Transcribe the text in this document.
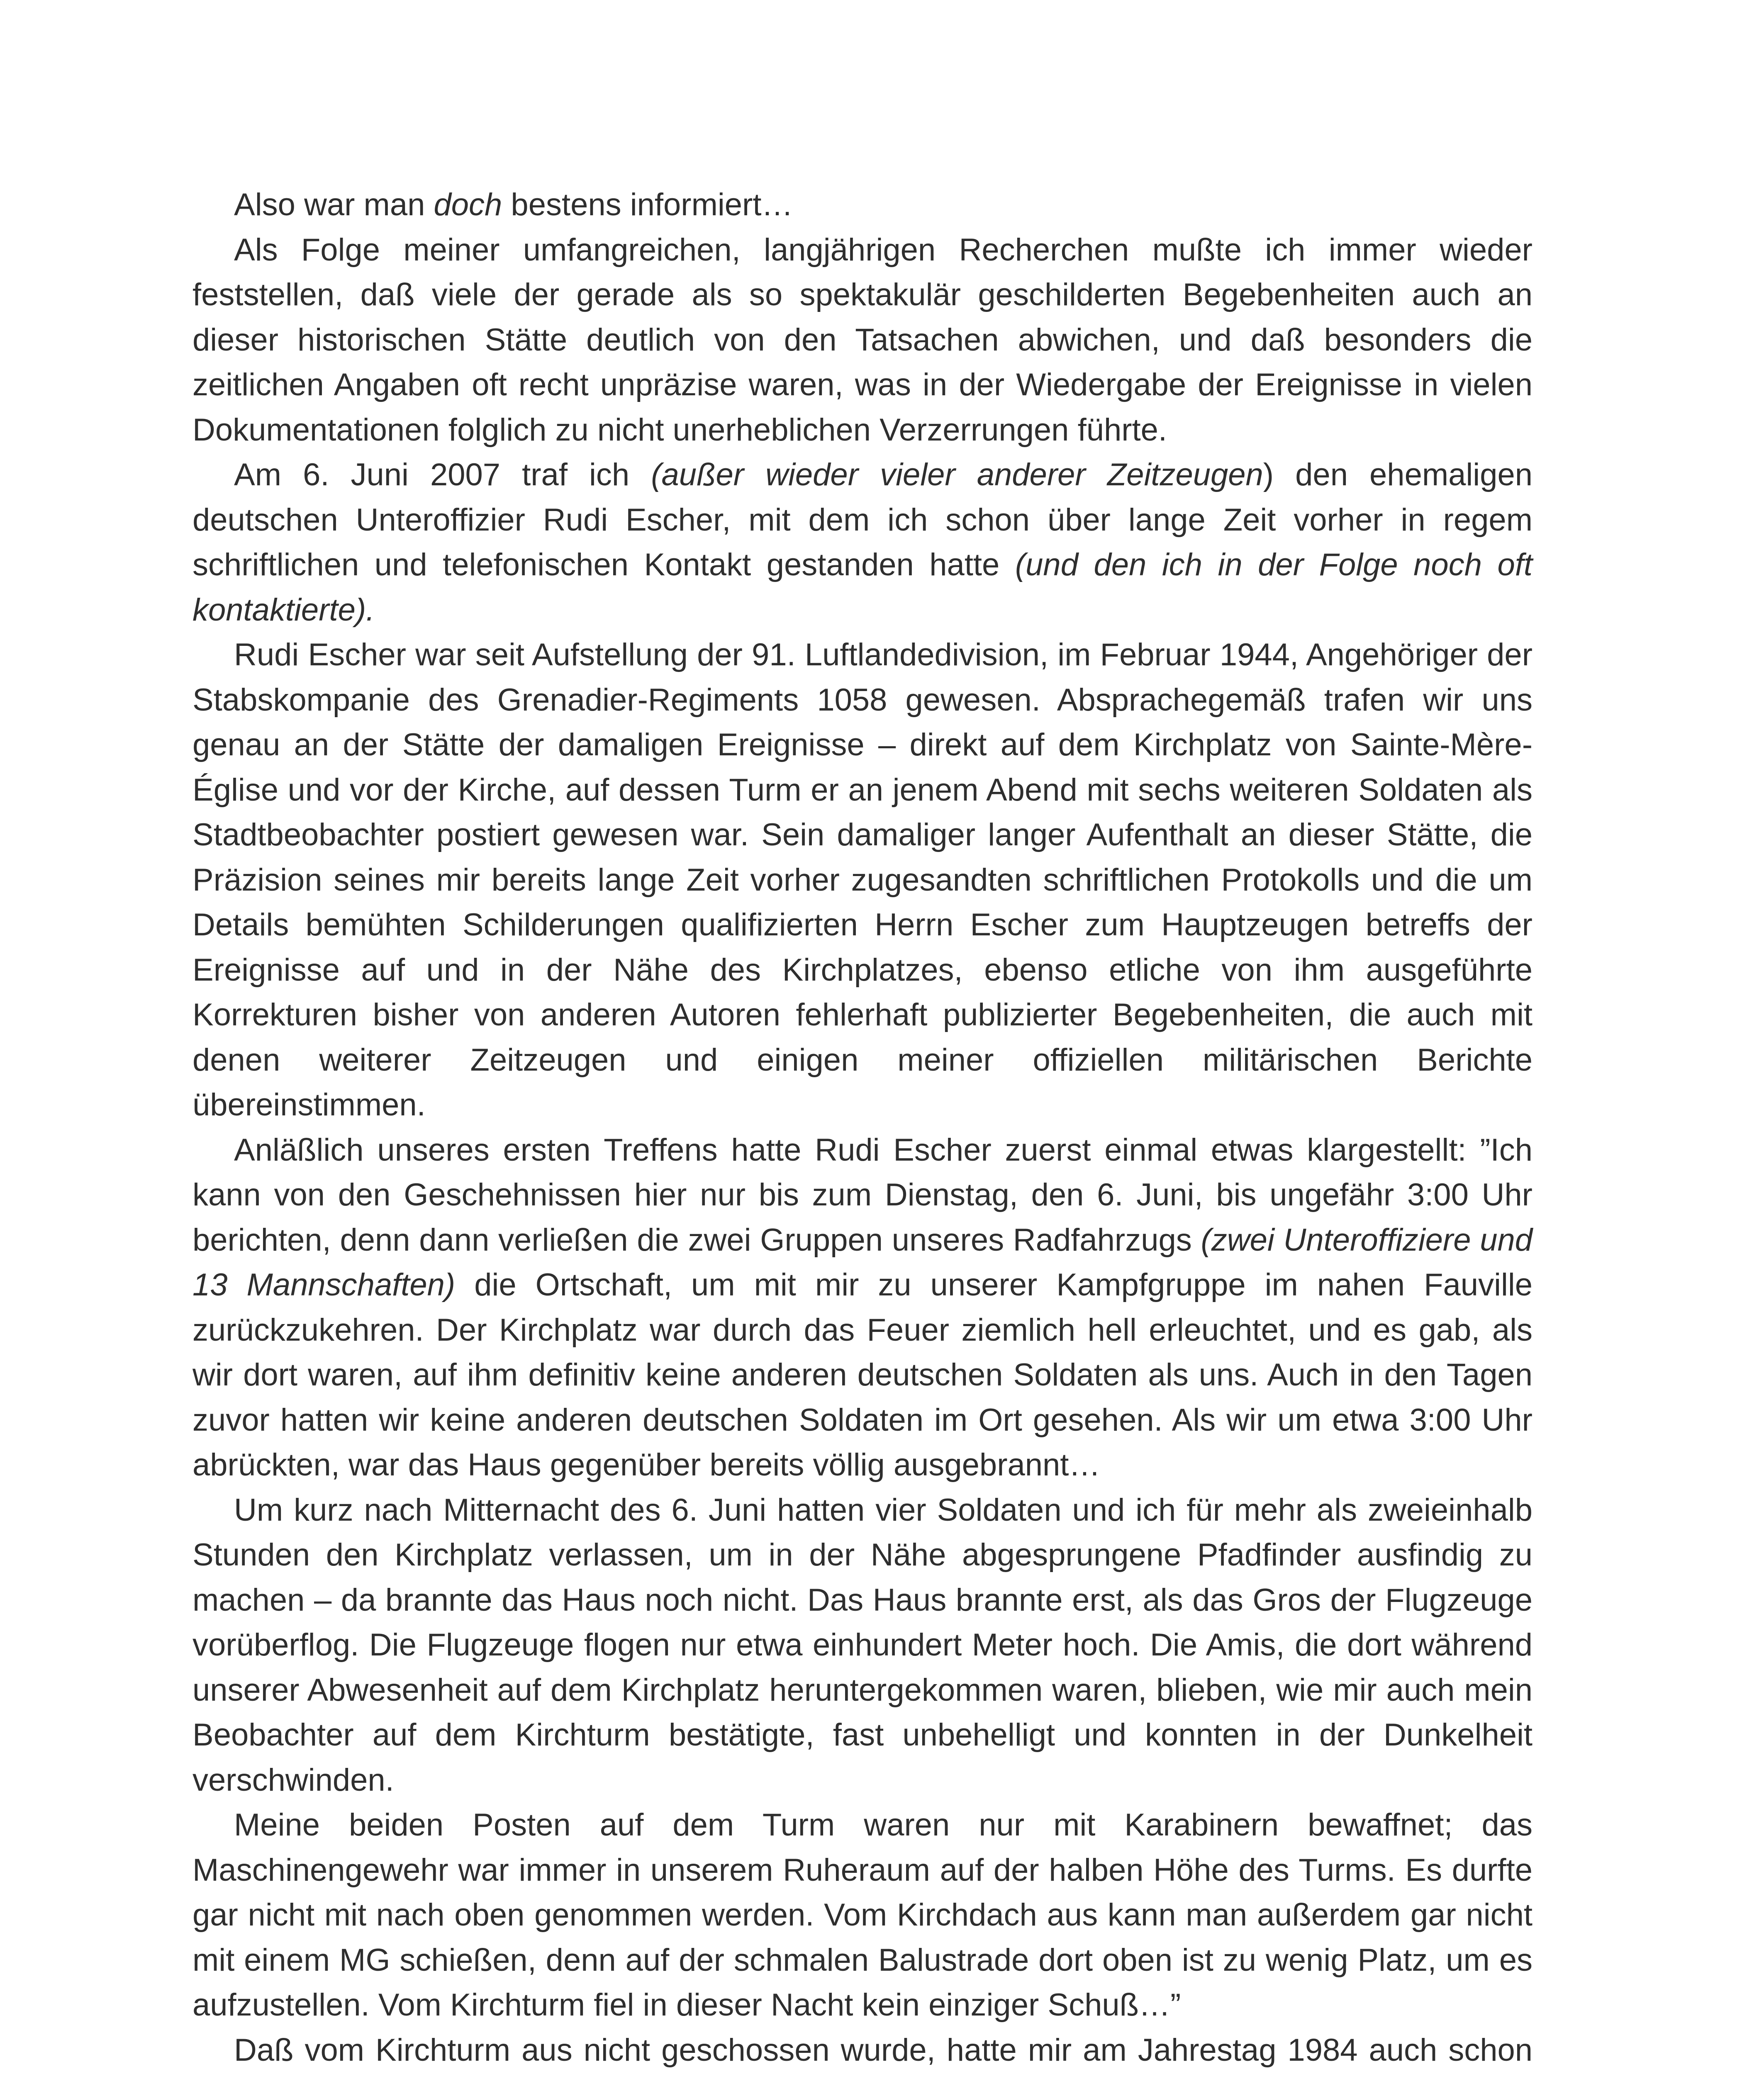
Also war man doch bestens informiert…

Als Folge meiner umfangreichen, langjährigen Recherchen mußte ich immer wieder feststellen, daß viele der gerade als so spektakulär geschilderten Begebenheiten auch an dieser historischen Stätte deutlich von den Tatsachen abwichen, und daß besonders die zeitlichen Angaben oft recht unpräzise waren, was in der Wiedergabe der Ereignisse in vielen Dokumentationen folglich zu nicht unerheblichen Verzerrungen führte.

Am 6. Juni 2007 traf ich (außer wieder vieler anderer Zeitzeugen) den ehemaligen deutschen Unteroffizier Rudi Escher, mit dem ich schon über lange Zeit vorher in regem schriftlichen und telefonischen Kontakt gestanden hatte (und den ich in der Folge noch oft kontaktierte).

Rudi Escher war seit Aufstellung der 91. Luftlandedivision, im Februar 1944, Angehöriger der Stabskompanie des Grenadier-Regiments 1058 gewesen. Absprachegemäß trafen wir uns genau an der Stätte der damaligen Ereignisse – direkt auf dem Kirchplatz von Sainte-Mère-Église und vor der Kirche, auf dessen Turm er an jenem Abend mit sechs weiteren Soldaten als Stadtbeobachter postiert gewesen war. Sein damaliger langer Aufenthalt an dieser Stätte, die Präzision seines mir bereits lange Zeit vorher zugesandten schriftlichen Protokolls und die um Details bemühten Schilderungen qualifizierten Herrn Escher zum Hauptzeugen betreffs der Ereignisse auf und in der Nähe des Kirchplatzes, ebenso etliche von ihm ausgeführte Korrekturen bisher von anderen Autoren fehlerhaft publizierter Begebenheiten, die auch mit denen weiterer Zeitzeugen und einigen meiner offiziellen militärischen Berichte übereinstimmen.

Anläßlich unseres ersten Treffens hatte Rudi Escher zuerst einmal etwas klargestellt: ”Ich kann von den Geschehnissen hier nur bis zum Dienstag, den 6. Juni, bis ungefähr 3:00 Uhr berichten, denn dann verließen die zwei Gruppen unseres Radfahrzugs (zwei Unteroffiziere und 13 Mannschaften) die Ortschaft, um mit mir zu unserer Kampfgruppe im nahen Fauville zurückzukehren. Der Kirchplatz war durch das Feuer ziemlich hell erleuchtet, und es gab, als wir dort waren, auf ihm definitiv keine anderen deutschen Soldaten als uns. Auch in den Tagen zuvor hatten wir keine anderen deutschen Soldaten im Ort gesehen. Als wir um etwa 3:00 Uhr abrückten, war das Haus gegenüber bereits völlig ausgebrannt…

Um kurz nach Mitternacht des 6. Juni hatten vier Soldaten und ich für mehr als zweieinhalb Stunden den Kirchplatz verlassen, um in der Nähe abgesprungene Pfadfinder ausfindig zu machen – da brannte das Haus noch nicht. Das Haus brannte erst, als das Gros der Flugzeuge vorüberflog. Die Flugzeuge flogen nur etwa einhundert Meter hoch. Die Amis, die dort während unserer Abwesenheit auf dem Kirchplatz heruntergekommen waren, blieben, wie mir auch mein Beobachter auf dem Kirchturm bestätigte, fast unbehelligt und konnten in der Dunkelheit verschwinden.

Meine beiden Posten auf dem Turm waren nur mit Karabinern bewaffnet; das Maschinengewehr war immer in unserem Ruheraum auf der halben Höhe des Turms. Es durfte gar nicht mit nach oben genommen werden. Vom Kirchdach aus kann man außerdem gar nicht mit einem MG schießen, denn auf der schmalen Balustrade dort oben ist zu wenig Platz, um es aufzustellen. Vom Kirchturm fiel in dieser Nacht kein einziger Schuß…”

Daß vom Kirchturm aus nicht geschossen wurde, hatte mir am Jahrestag 1984 auch schon
